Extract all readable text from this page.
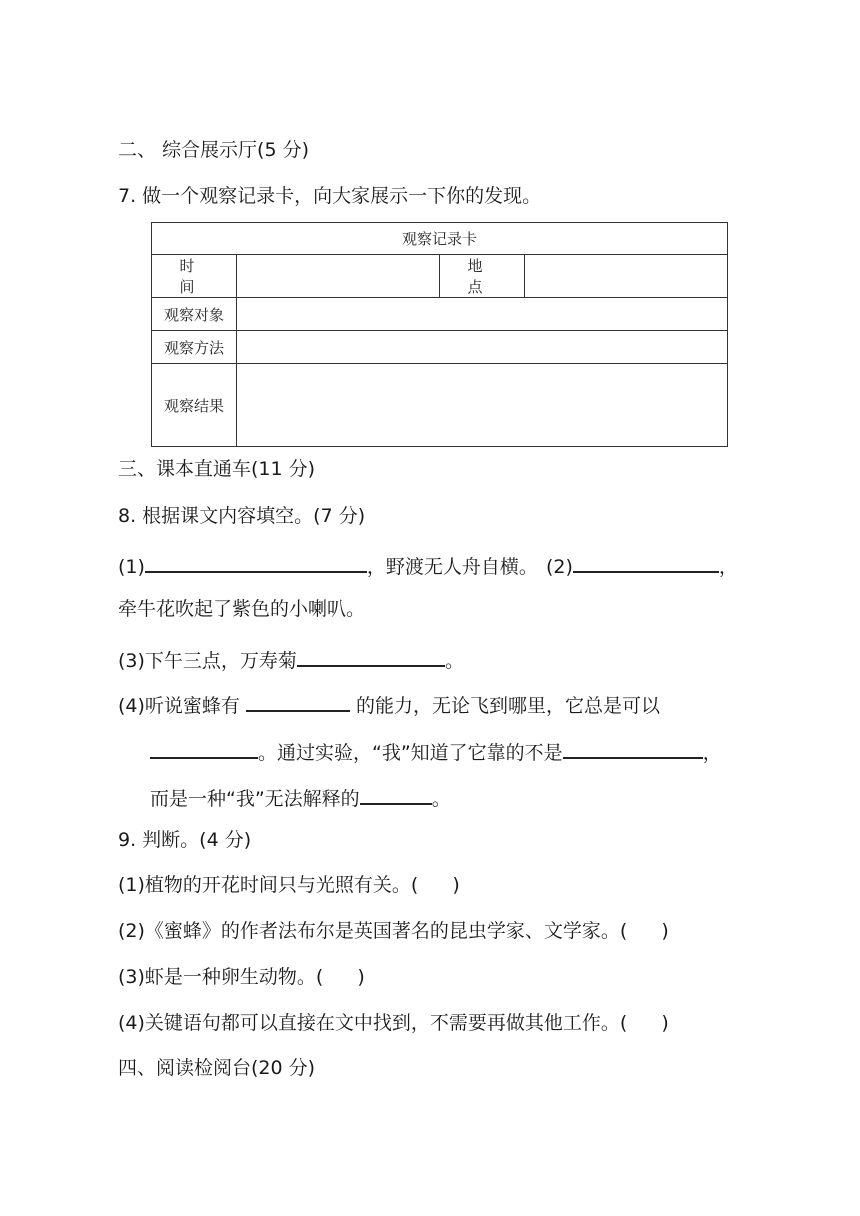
二、 综合展示厅(5 分)
7. 做一个观察记录卡，向大家展示一下你的发现。
观察记录卡			
时 间		地 点	
观察对象			
观察方法			
观察结果			
三、课本直通车(11 分)
8. 根据课文内容填空。(7 分)
(1)	，野渡无人舟自横。 (2)	，
牵牛花吹起了紫色的小喇叭。
(3)下午三点，万寿菊	。
(4)听说蜜蜂有	的能力，无论飞到哪里，它总是可以
。通过实验，“我”知道了它靠的不是	，
而是一种“我”无法解释的	。
9. 判断。(4 分)
(1)植物的开花时间只与光照有关。( )
(2)《蜜蜂》的作者法布尔是英国著名的昆虫学家、文学家。( )
(3)虾是一种卵生动物。( )
(4)关键语句都可以直接在文中找到，不需要再做其他工作。( )
四、阅读检阅台(20 分)
